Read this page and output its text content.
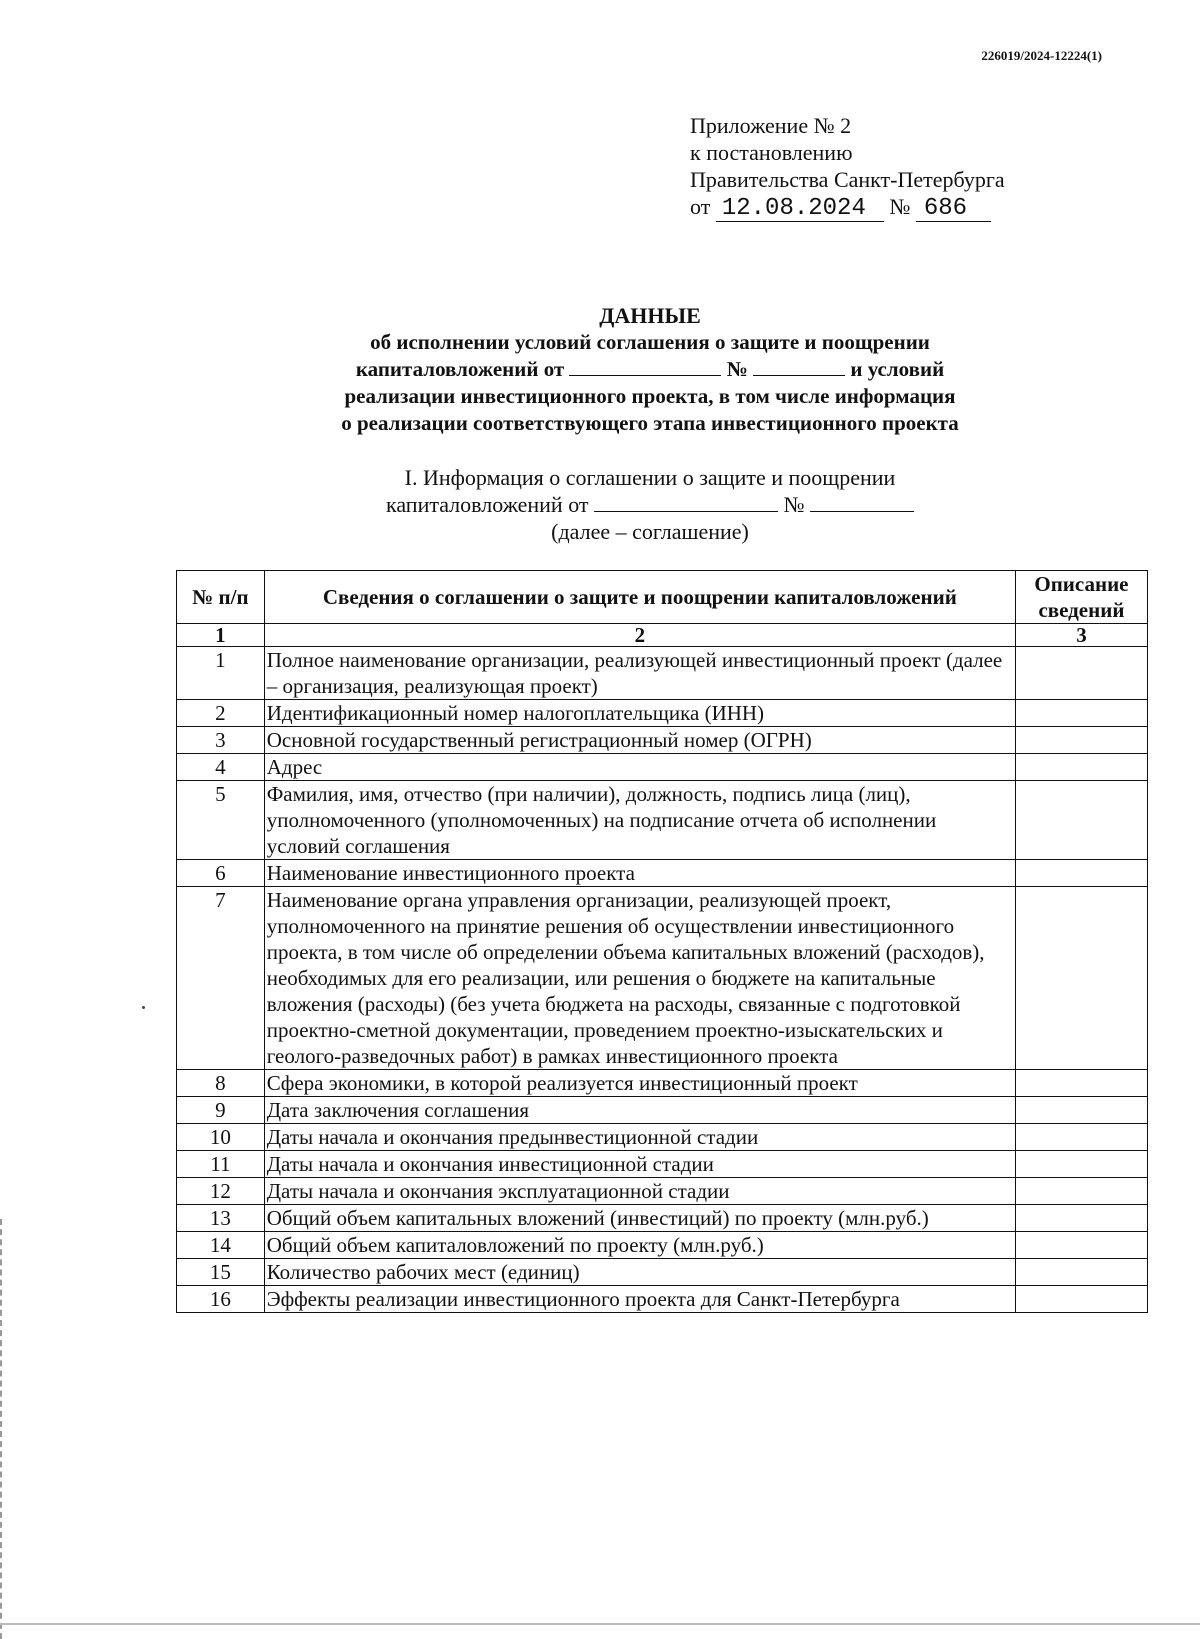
226019/2024-12224(1)
Приложение № 2
к постановлению
Правительства Санкт-Петербурга
от 12.08.2024 № 686
ДАННЫЕ
об исполнении условий соглашения о защите и поощрении
капиталовложений от	№	и условий
реализации инвестиционного проекта, в том числе информация
о реализации соответствующего этапа инвестиционного проекта
I. Информация о соглашении о защите и поощрении
капиталовложений от	№
(далее – соглашение)
№ п/п	Сведения о соглашении о защите и поощрении капиталовложений	Описание сведений
1	2	3
1	Полное наименование организации, реализующей инвестиционный проект (далее – организация, реализующая проект)	
2	Идентификационный номер налогоплательщика (ИНН)	
3	Основной государственный регистрационный номер (ОГРН)	
4	Адрес	
5	Фамилия, имя, отчество (при наличии), должность, подпись лица (лиц), уполномоченного (уполномоченных) на подписание отчета об исполнении условий соглашения	
6	Наименование инвестиционного проекта	
7	Наименование органа управления организации, реализующей проект, уполномоченного на принятие решения об осуществлении инвестиционного проекта, в том числе об определении объема капитальных вложений (расходов), необходимых для его реализации, или решения о бюджете на капитальные вложения (расходы) (без учета бюджета на расходы, связанные с подготовкой проектно-сметной документации, проведением проектно-изыскательских и геолого-разведочных работ) в рамках инвестиционного проекта	
8	Сфера экономики, в которой реализуется инвестиционный проект	
9	Дата заключения соглашения	
10	Даты начала и окончания предынвестиционной стадии	
11	Даты начала и окончания инвестиционной стадии	
12	Даты начала и окончания эксплуатационной стадии	
13	Общий объем капитальных вложений (инвестиций) по проекту (млн.руб.)	
14	Общий объем капиталовложений по проекту (млн.руб.)	
15	Количество рабочих мест (единиц)	
16	Эффекты реализации инвестиционного проекта для Санкт-Петербурга	
